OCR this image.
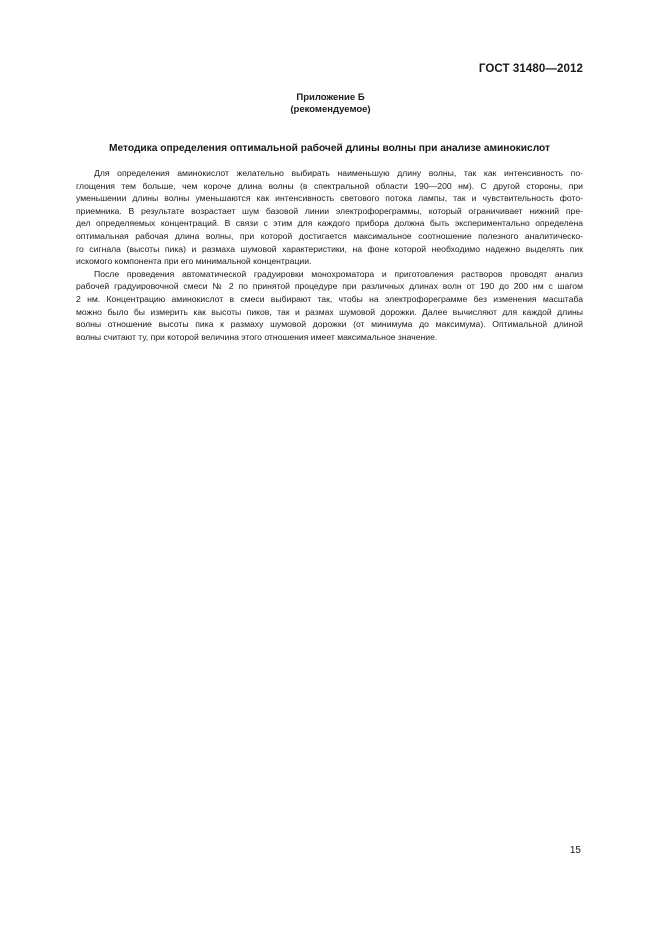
ГОСТ 31480—2012
Приложение Б
(рекомендуемое)
Методика определения оптимальной рабочей длины волны при анализе аминокислот

Для определения аминокислот желательно выбирать наименьшую длину волны, так как интенсивность по-
глощения тем больше, чем короче длина волны (в спектральной области 190—200 нм). С другой стороны, при
уменьшении длины волны уменьшаются как интенсивность светового потока лампы, так и чувствительность фото-
приемника. В результате возрастает шум базовой линии электрофореграммы, который ограничивает нижний пре-
дел определяемых концентраций. В связи с этим для каждого прибора должна быть экспериментально определена
оптимальная рабочая длина волны, при которой достигается максимальное соотношение полезного аналитическо-
го сигнала (высоты пика) и размаха шумовой характеристики, на фоне которой необходимо надежно выделять пик
искомого компонента при его минимальной концентрации.

После проведения автоматической градуировки монохроматора и приготовления растворов проводят анализ
рабочей градуировочной смеси № 2 по принятой процедуре при различных длинах волн от 190 до 200 нм с шагом
2 нм. Концентрацию аминокислот в смеси выбирают так, чтобы на электрофореграмме без изменения масштаба
можно было бы измерить как высоты пиков, так и размах шумовой дорожки. Далее вычисляют для каждой длины
волны отношение высоты пика к размаху шумовой дорожки (от минимума до максимума). Оптимальной длиной
волны считают ту, при которой величина этого отношения имеет максимальное значение.

15
